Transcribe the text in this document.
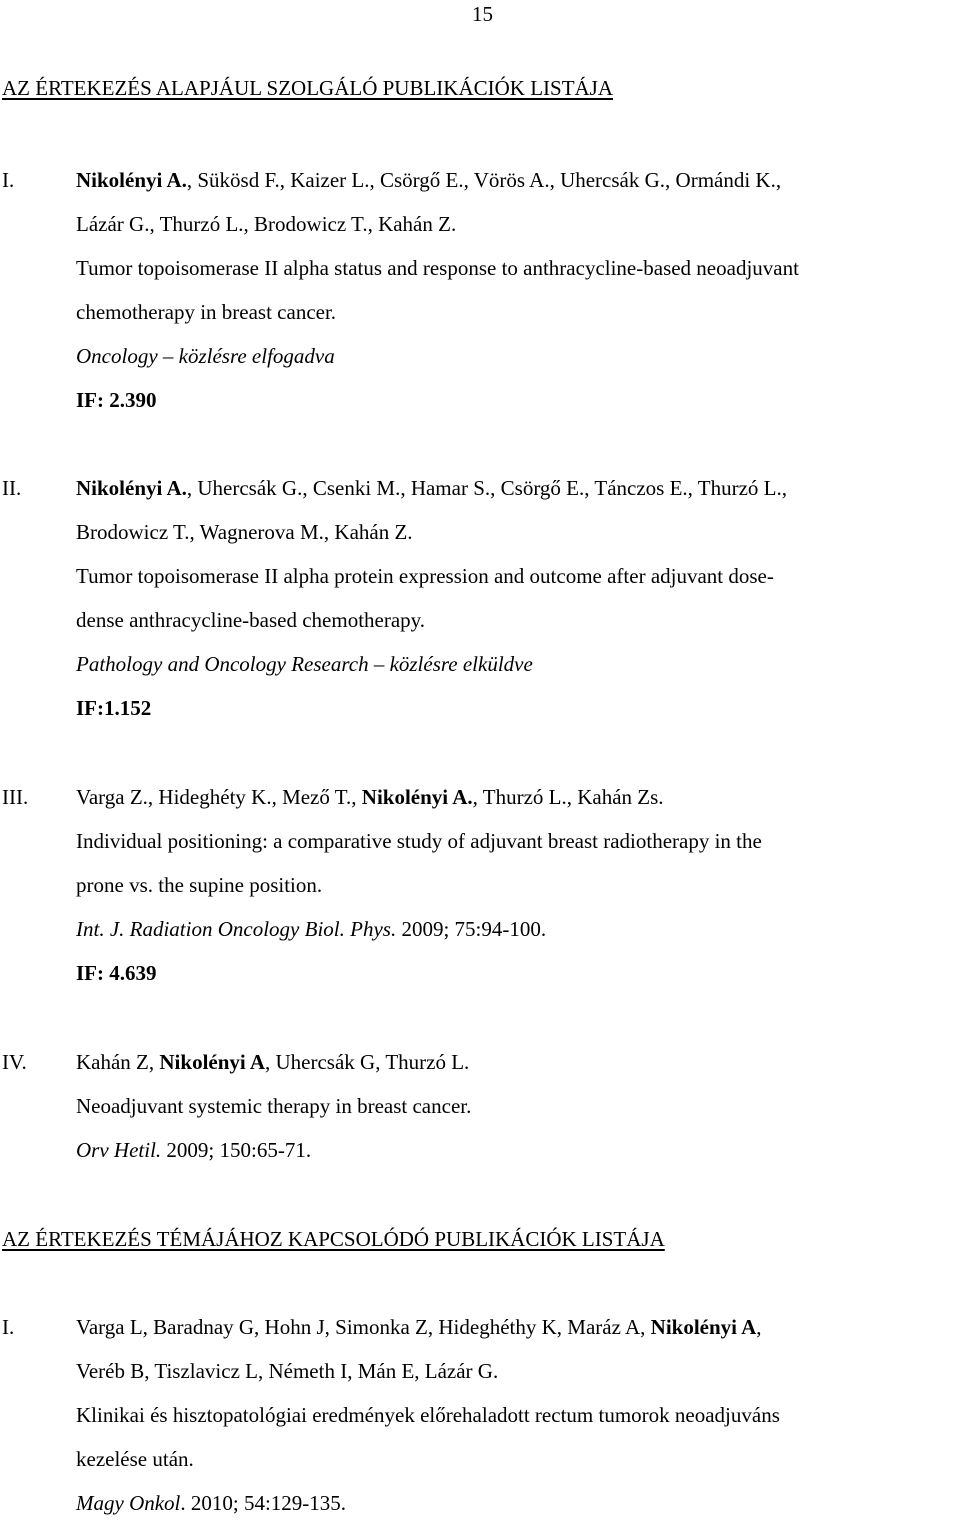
15
AZ ÉRTEKEZÉS ALAPJÁUL SZOLGÁLÓ PUBLIKÁCIÓK LISTÁJA
I.	Nikolényi A., Sükösd F., Kaizer L., Csörgő E., Vörös A., Uhercsák G., Ormándi K.,
Lázár G., Thurzó L., Brodowicz T., Kahán Z.
Tumor topoisomerase II alpha status and response to anthracycline-based neoadjuvant
chemotherapy in breast cancer.
Oncology – közlésre elfogadva
IF: 2.390
II.	Nikolényi A., Uhercsák G., Csenki M., Hamar S., Csörgő E., Tánczos E., Thurzó L.,
Brodowicz T., Wagnerova M., Kahán Z.
Tumor topoisomerase II alpha protein expression and outcome after adjuvant dose-
dense anthracycline-based chemotherapy.
Pathology and Oncology Research – közlésre elküldve
IF:1.152
III. Varga Z., Hideghéty K., Mező T., Nikolényi A., Thurzó L., Kahán Zs.
Individual positioning: a comparative study of adjuvant breast radiotherapy in the
prone vs. the supine position.
Int. J. Radiation Oncology Biol. Phys. 2009; 75:94-100.
IF: 4.639
IV. Kahán Z, Nikolényi A, Uhercsák G, Thurzó L.
Neoadjuvant systemic therapy in breast cancer.
Orv Hetil. 2009; 150:65-71.
AZ ÉRTEKEZÉS TÉMÁJÁHOZ KAPCSOLÓDÓ PUBLIKÁCIÓK LISTÁJA
I.	Varga L, Baradnay G, Hohn J, Simonka Z, Hideghéthy K, Maráz A, Nikolényi A,
Veréb B, Tiszlavicz L, Németh I, Mán E, Lázár G.
Klinikai és hisztopatológiai eredmények előrehaladott rectum tumorok neoadjuváns
kezelése után.
Magy Onkol. 2010; 54:129-135.
